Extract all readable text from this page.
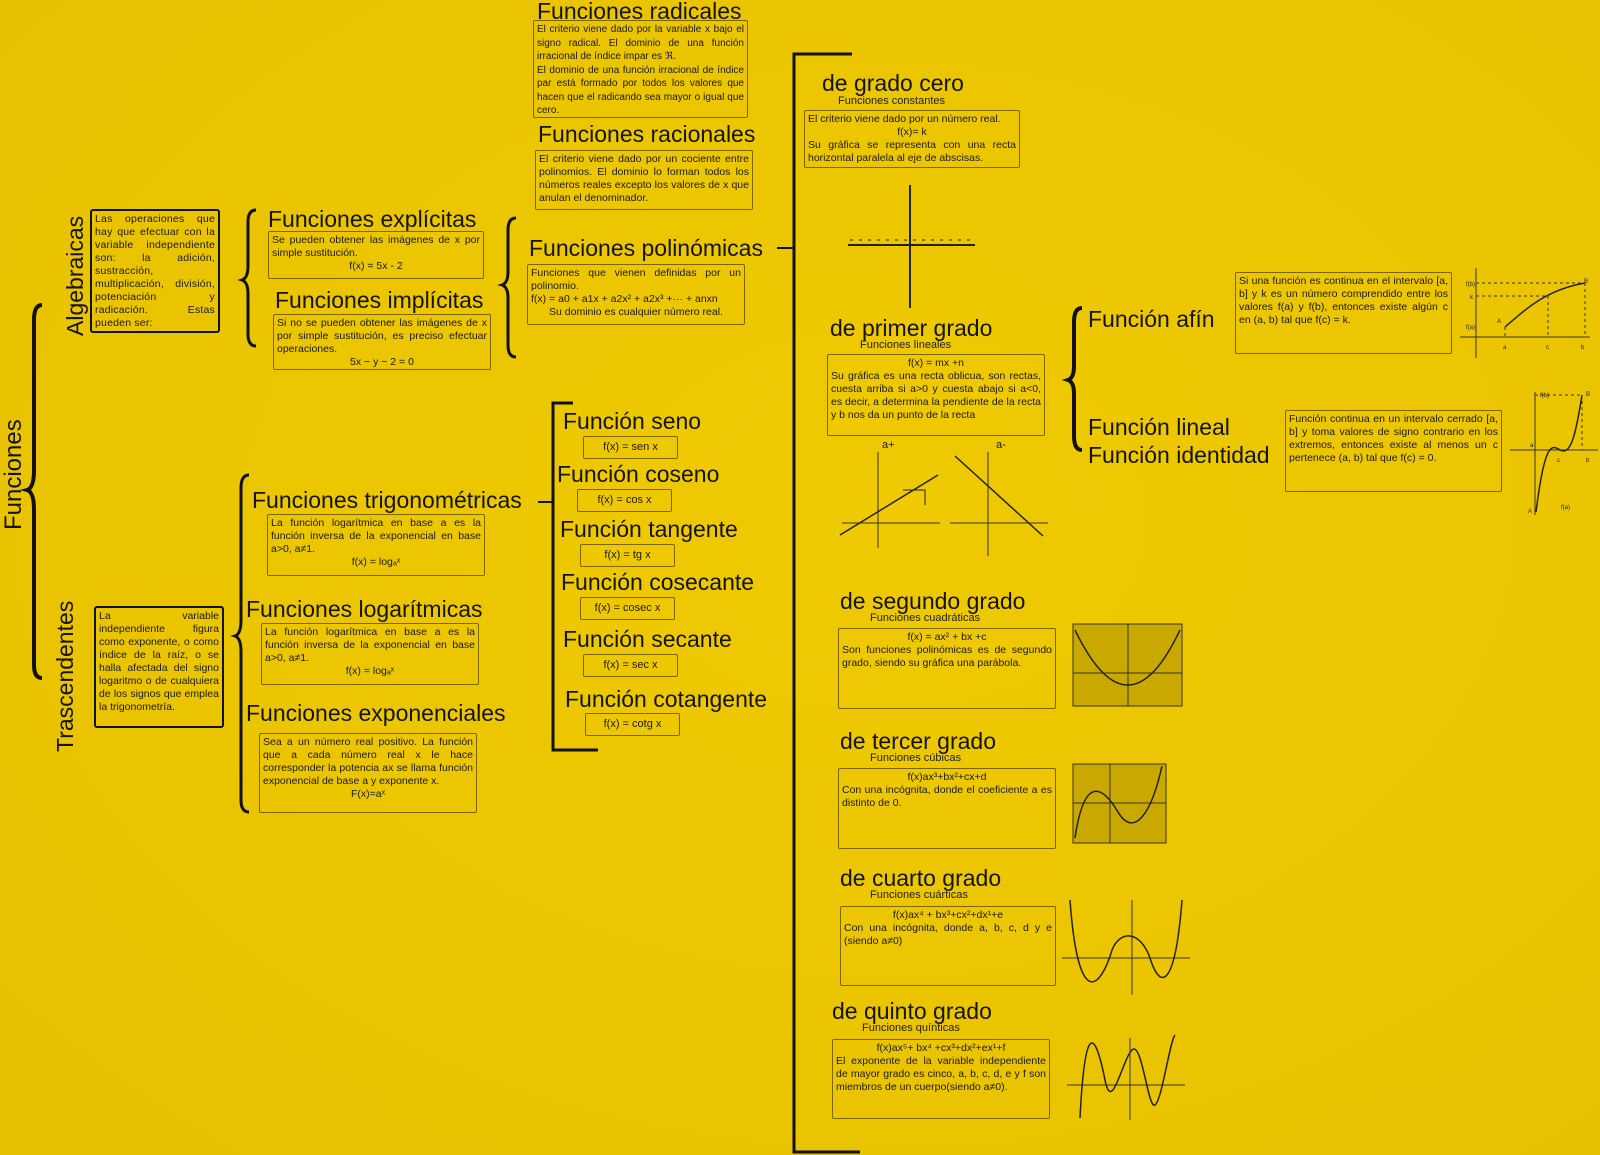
Funciones
Algebraicas
Trascendentes
Las operaciones que hay que efectuar con la variable independiente son: la adición, sustracción, multiplicación, división, potenciación y radicación. Estas pueden ser:
La variable independiente figura como exponente, o como índice de la raíz, o se halla afectada del signo logaritmo o de cualquiera de los signos que emplea la trigonometría.
Funciones explícitas

Se pueden obtener las imágenes de x por simple sustitución.

f(x) = 5x - 2
Funciones implícitas

Si no se pueden obtener las imágenes de x por simple sustitución, es preciso efectuar operaciones.

5x − y − 2 = 0
Funciones radicales

El criterio viene dado por la variable x bajo el signo radical. El dominio de una función irracional de índice impar es ℜ.

El dominio de una función irracional de índice par está formado por todos los valores que hacen que el radicando sea mayor o igual que cero.

Funciones racionales
El criterio viene dado por un cociente entre polinomios. El dominio lo forman todos los números reales excepto los valores de x que anulan el denominador.
Funciones polinómicas

Funciones que vienen definidas por un polinomio.

f(x) = a0 + a1x + a2x² + a2x³ +··· + anxn

Su dominio es cualquier número real.
Funciones trigonométricas

La función logarítmica en base a es la función inversa de la exponencial en base a>0, a≠1.

f(x) = logₐˣ
Funciones logarítmicas

La función logarítmica en base a es la función inversa de la exponencial en base a>0, a≠1.

f(x) = logₐˣ
Funciones exponenciales

Sea a un número real positivo. La función que a cada número real x le hace corresponder la potencia ax se llama función exponencial de base a y exponente x.

F(x)=aˣ
Función seno
f(x) = sen x
Función coseno
f(x) = cos x
Función tangente
f(x) = tg x
Función cosecante
f(x) = cosec x
Función secante
f(x) = sec x
Función cotangente
f(x) = cotg x
de grado cero
Funciones constantes

El criterio viene dado por un número real.

f(x)= k

Su gráfica se representa con una recta horizontal paralela al eje de abscisas.

de primer grado
Funciones lineales
f(x) = mx +n

Su gráfica es una recta oblicua, son rectas, cuesta arriba si a>0 y cuesta abajo si a<0, es decir, a determina la pendiente de la recta y b nos da un punto de la recta

a+	a-
de segundo grado
Funciones cuadráticas
f(x) = ax² + bx +c

Son funciones polinómicas es de segundo grado, siendo su gráfica una parábola.

de tercer grado
Funciones cúbicas
f(x)ax³+bx²+cx+d

Con una incógnita, donde el coeficiente a es distinto de 0.

de cuarto grado
Funciones cuárticas
f(x)ax⁴ + bx³+cx²+dx¹+e

Con una incógnita, donde a, b, c, d y e (siendo a≠0)

de quinto grado
Funciones quínticas
f(x)ax⁵+ bx⁴ +cx³+dx²+ex¹+f

El exponente de la variable independiente de mayor grado es cinco, a, b, c, d, e y f son miembros de un cuerpo(siendo a≠0).

Función afín
Si una función es continua en el intervalo [a, b] y k es un número comprendido entre los valores f(a) y f(b), entonces existe algún c en (a, b) tal que f(c) = k.
f(b)
k
f(a)
a	c	b
A
B
Función lineal
Función identidad
Función continua en un intervalo cerrado [a, b] y toma valores de signo contrario en los extremos, entonces existe al menos un c pertenece (a, b) tal que f(c) = 0.
f(b)	B
a
c	b
f(a)
A
